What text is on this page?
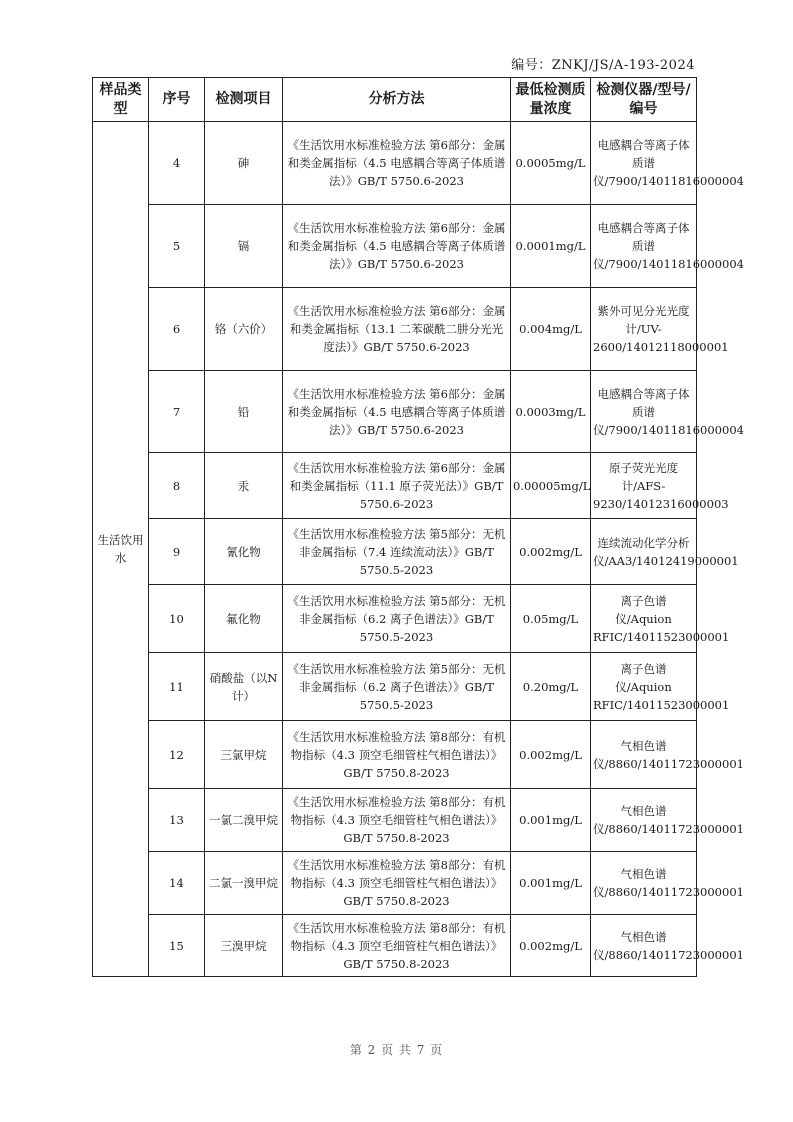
编号：ZNKJ/JS/A-193-2024
样品类型	序号	检测项目	分析方法	最低检测质量浓度	检测仪器/型号/编号
生活饮用水	4	砷	《生活饮用水标准检验方法 第6部分：金属和类金属指标（4.5 电感耦合等离子体质谱法）》GB/T 5750.6-2023	0.0005mg/L	电感耦合等离子体质谱仪/7900/14011816000004
	5	镉	《生活饮用水标准检验方法 第6部分：金属和类金属指标（4.5 电感耦合等离子体质谱法）》GB/T 5750.6-2023	0.0001mg/L	电感耦合等离子体质谱仪/7900/14011816000004
	6	铬（六价）	《生活饮用水标准检验方法 第6部分：金属和类金属指标（13.1 二苯碳酰二肼分光光度法）》GB/T 5750.6-2023	0.004mg/L	紫外可见分光光度计/UV-2600/14012118000001
	7	铅	《生活饮用水标准检验方法 第6部分：金属和类金属指标（4.5 电感耦合等离子体质谱法）》GB/T 5750.6-2023	0.0003mg/L	电感耦合等离子体质谱仪/7900/14011816000004
	8	汞	《生活饮用水标准检验方法 第6部分：金属和类金属指标（11.1 原子荧光法）》GB/T 5750.6-2023	0.00005mg/L	原子荧光光度计/AFS-9230/14012316000003
	9	氰化物	《生活饮用水标准检验方法 第5部分：无机非金属指标（7.4 连续流动法）》GB/T 5750.5-2023	0.002mg/L	连续流动化学分析仪/AA3/14012419000001
	10	氟化物	《生活饮用水标准检验方法 第5部分：无机非金属指标（6.2 离子色谱法）》GB/T 5750.5-2023	0.05mg/L	离子色谱仪/Aquion RFIC/14011523000001
	11	硝酸盐（以N计）	《生活饮用水标准检验方法 第5部分：无机非金属指标（6.2 离子色谱法）》GB/T 5750.5-2023	0.20mg/L	离子色谱仪/Aquion RFIC/14011523000001
	12	三氯甲烷	《生活饮用水标准检验方法 第8部分：有机物指标（4.3 顶空毛细管柱气相色谱法）》GB/T 5750.8-2023	0.002mg/L	气相色谱仪/8860/14011723000001
	13	一氯二溴甲烷	《生活饮用水标准检验方法 第8部分：有机物指标（4.3 顶空毛细管柱气相色谱法）》GB/T 5750.8-2023	0.001mg/L	气相色谱仪/8860/14011723000001
	14	二氯一溴甲烷	《生活饮用水标准检验方法 第8部分：有机物指标（4.3 顶空毛细管柱气相色谱法）》GB/T 5750.8-2023	0.001mg/L	气相色谱仪/8860/14011723000001
	15	三溴甲烷	《生活饮用水标准检验方法 第8部分：有机物指标（4.3 顶空毛细管柱气相色谱法）》GB/T 5750.8-2023	0.002mg/L	气相色谱仪/8860/14011723000001
第 2 页 共 7 页
